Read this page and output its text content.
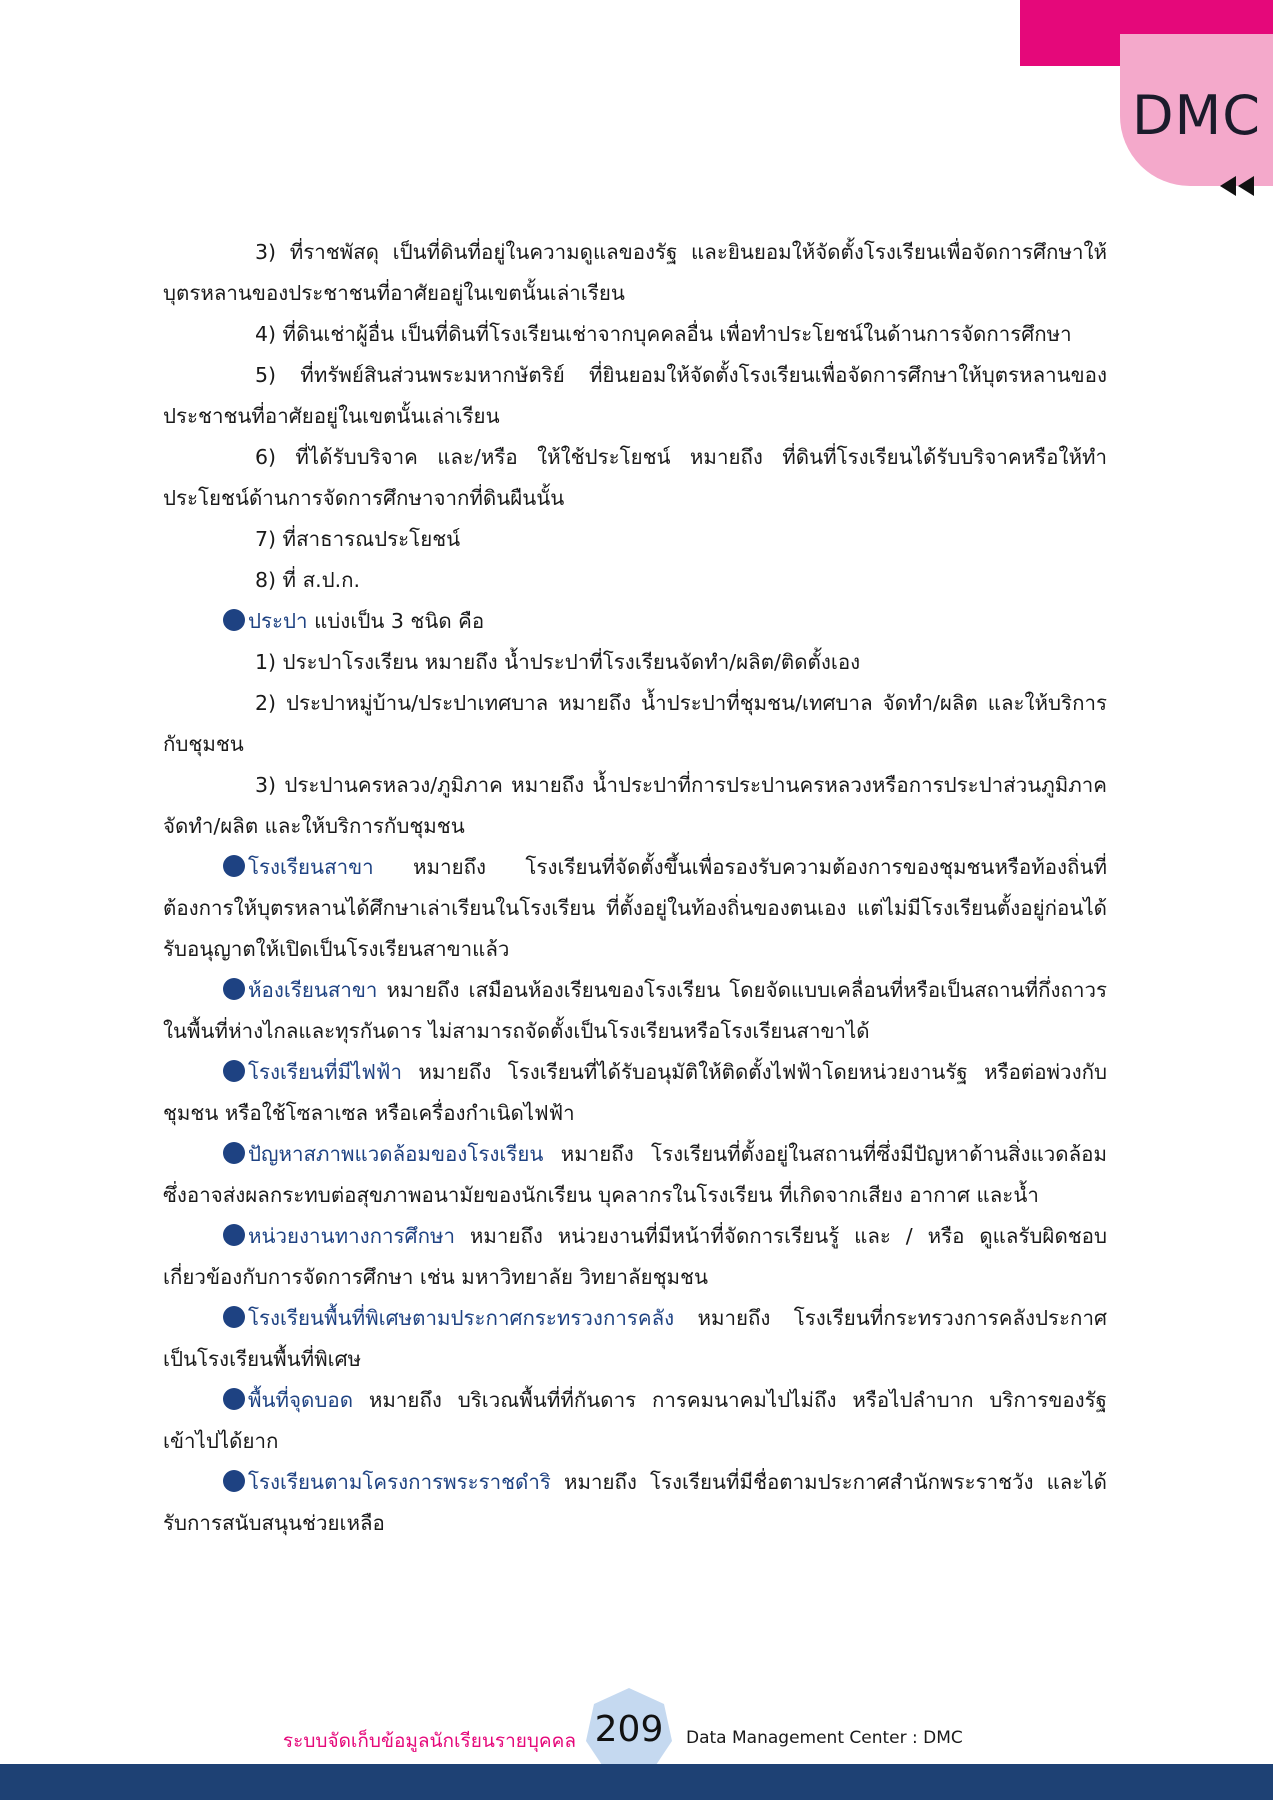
DMC

3) ที่ราชพัสดุ เป็นที่ดินที่อยู่ในความดูแลของรัฐ และยินยอมให้จัดตั้งโรงเรียนเพื่อจัดการศึกษาให้บุตรหลานของประชาชนที่อาศัยอยู่ในเขตนั้นเล่าเรียน

4) ที่ดินเช่าผู้อื่น เป็นที่ดินที่โรงเรียนเช่าจากบุคคลอื่น เพื่อทำประโยชน์ในด้านการจัดการศึกษา

5) ที่ทรัพย์สินส่วนพระมหากษัตริย์ ที่ยินยอมให้จัดตั้งโรงเรียนเพื่อจัดการศึกษาให้บุตรหลานของประชาชนที่อาศัยอยู่ในเขตนั้นเล่าเรียน

6) ที่ได้รับบริจาค และ/หรือ ให้ใช้ประโยชน์ หมายถึง ที่ดินที่โรงเรียนได้รับบริจาคหรือให้ทำประโยชน์ด้านการจัดการศึกษาจากที่ดินผืนนั้น

7) ที่สาธารณประโยชน์

8) ที่ ส.ป.ก.

ประปา แบ่งเป็น 3 ชนิด คือ

1) ประปาโรงเรียน หมายถึง น้ำประปาที่โรงเรียนจัดทำ/ผลิต/ติดตั้งเอง

2) ประปาหมู่บ้าน/ประปาเทศบาล หมายถึง น้ำประปาที่ชุมชน/เทศบาล จัดทำ/ผลิต และให้บริการกับชุมชน

3) ประปานครหลวง/ภูมิภาค หมายถึง น้ำประปาที่การประปานครหลวงหรือการประปาส่วนภูมิภาคจัดทำ/ผลิต และให้บริการกับชุมชน

โรงเรียนสาขา หมายถึง โรงเรียนที่จัดตั้งขึ้นเพื่อรองรับความต้องการของชุมชนหรือท้องถิ่นที่ต้องการให้บุตรหลานได้ศึกษาเล่าเรียนในโรงเรียน ที่ตั้งอยู่ในท้องถิ่นของตนเอง แต่ไม่มีโรงเรียนตั้งอยู่ก่อนได้รับอนุญาตให้เปิดเป็นโรงเรียนสาขาแล้ว

ห้องเรียนสาขา หมายถึง เสมือนห้องเรียนของโรงเรียน โดยจัดแบบเคลื่อนที่หรือเป็นสถานที่กึ่งถาวรในพื้นที่ห่างไกลและทุรกันดาร ไม่สามารถจัดตั้งเป็นโรงเรียนหรือโรงเรียนสาขาได้

โรงเรียนที่มีไฟฟ้า หมายถึง โรงเรียนที่ได้รับอนุมัติให้ติดตั้งไฟฟ้าโดยหน่วยงานรัฐ หรือต่อพ่วงกับชุมชน หรือใช้โซลาเซล หรือเครื่องกำเนิดไฟฟ้า

ปัญหาสภาพแวดล้อมของโรงเรียน หมายถึง โรงเรียนที่ตั้งอยู่ในสถานที่ซึ่งมีปัญหาด้านสิ่งแวดล้อมซึ่งอาจส่งผลกระทบต่อสุขภาพอนามัยของนักเรียน บุคลากรในโรงเรียน ที่เกิดจากเสียง อากาศ และน้ำ

หน่วยงานทางการศึกษา หมายถึง หน่วยงานที่มีหน้าที่จัดการเรียนรู้ และ / หรือ ดูแลรับผิดชอบเกี่ยวข้องกับการจัดการศึกษา เช่น มหาวิทยาลัย วิทยาลัยชุมชน

โรงเรียนพื้นที่พิเศษตามประกาศกระทรวงการคลัง หมายถึง โรงเรียนที่กระทรวงการคลังประกาศเป็นโรงเรียนพื้นที่พิเศษ

พื้นที่จุดบอด หมายถึง บริเวณพื้นที่ที่กันดาร การคมนาคมไปไม่ถึง หรือไปลำบาก บริการของรัฐเข้าไปได้ยาก

โรงเรียนตามโครงการพระราชดำริ หมายถึง โรงเรียนที่มีชื่อตามประกาศสำนักพระราชวัง และได้รับการสนับสนุนช่วยเหลือ

ระบบจัดเก็บข้อมูลนักเรียนรายบุคคล 209	Data Management Center : DMC
